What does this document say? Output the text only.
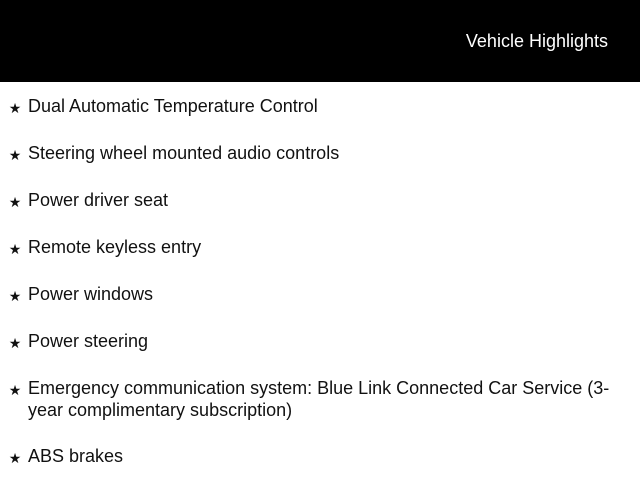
Vehicle Highlights
★ Dual Automatic Temperature Control
★ Steering wheel mounted audio controls
★ Power driver seat
★ Remote keyless entry
★ Power windows
★ Power steering
★ Emergency communication system: Blue Link Connected Car Service (3-year complimentary subscription)
★ ABS brakes
